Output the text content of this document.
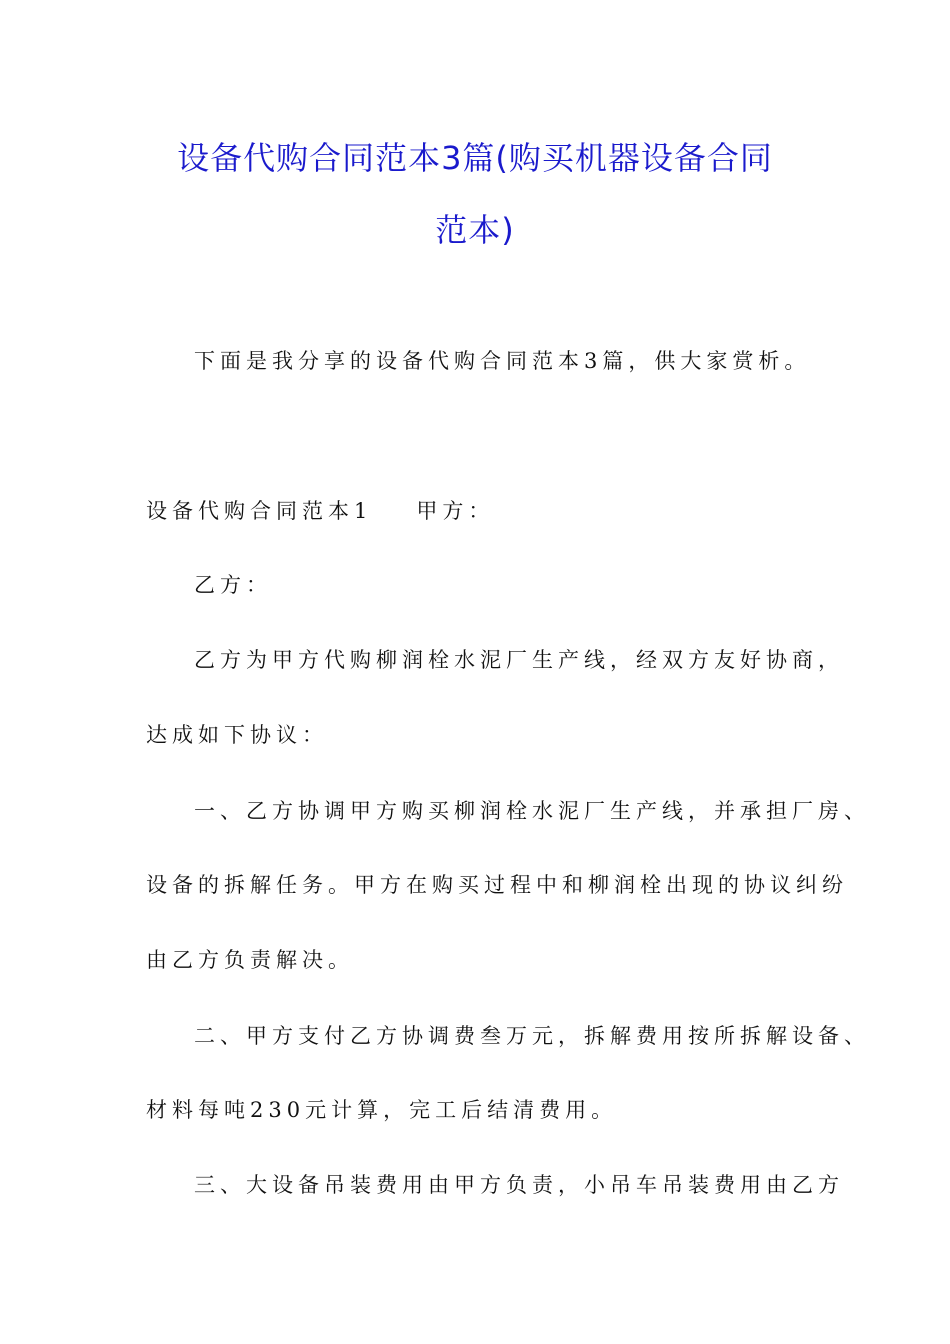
设备代购合同范本3篇(购买机器设备合同
范本)
下面是我分享的设备代购合同范本3篇，供大家赏析。
设备代购合同范本1 甲方：
乙方：
乙方为甲方代购柳润栓水泥厂生产线，经双方友好协商，
达成如下协议：
一、乙方协调甲方购买柳润栓水泥厂生产线，并承担厂房、
设备的拆解任务。甲方在购买过程中和柳润栓出现的协议纠纷
由乙方负责解决。
二、甲方支付乙方协调费叁万元，拆解费用按所拆解设备、
材料每吨230元计算，完工后结清费用。
三、大设备吊装费用由甲方负责，小吊车吊装费用由乙方
